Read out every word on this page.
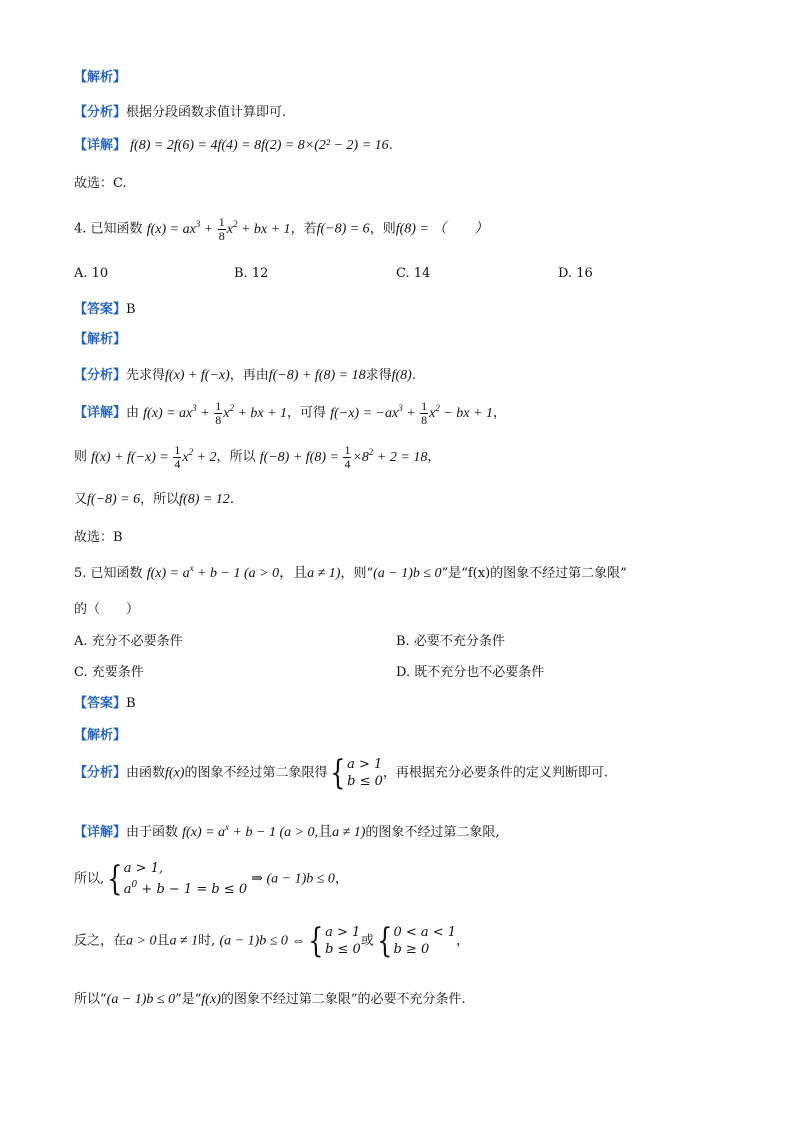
【解析】
【分析】根据分段函数求值计算即可.
【详解】 f(8) = 2f(6) = 4f(4) = 8f(2) = 8×(2² − 2) = 16.
故选：C.
4. 已知函数 $f(x) = ax^3 + \frac{1}{8} x^2$ + bx + 1，若f(−8) = 6，则f(8) = （　　）
A. 10	B. 12	C. 14	D. 16
【答案】B
【解析】
【分析】先求得f(x) + f(−x)，再由f(−8) + f(8) = 18求得f(8).
【详解】由 $f(x) = ax^3 + \frac{1}{8} x^2$ + bx + 1，可得 $f(-x) = -ax^3 + \frac{1}{8} x^2$ − bx + 1，
则 $f(x) + f(-x) = \frac{1}{4} x^2 + 2$，所以 $f(-8) + f(8) = \frac{1}{4} \times 8^2 + 2 = 18$，
又f(−8) = 6，所以f(8) = 12.
故选：B
5. 已知函数 $f(x) = a^x + b - 1$ (a > 0，且a ≠ 1)，则“(a − 1)b ≤ 0”是“f(x)的图象不经过第二象限”
的（　　）
A. 充分不必要条件	B. 必要不充分条件
C. 充要条件	D. 既不充分也不必要条件
【答案】B
【解析】
【分析】由函数f(x)的图象不经过第二象限得{ a > 1
b ≤ 0
，再根据充分必要条件的定义判断即可.
【详解】由于函数 $f(x) = a^x + b - 1$ (a > 0,且a ≠ 1)的图象不经过第二象限,
所以,{ a > 1,
$a^0 + b - 1 = b \le 0$
⇒ (a − 1)b ≤ 0，
反之，在a > 0且a ≠ 1时, (a − 1)b ≤ 0 ⇔{ a > 1
b ≤ 0
或{ 0 < a < 1
b ≥ 0
，
所以“(a − 1)b ≤ 0”是“f(x)的图象不经过第二象限”的必要不充分条件.
